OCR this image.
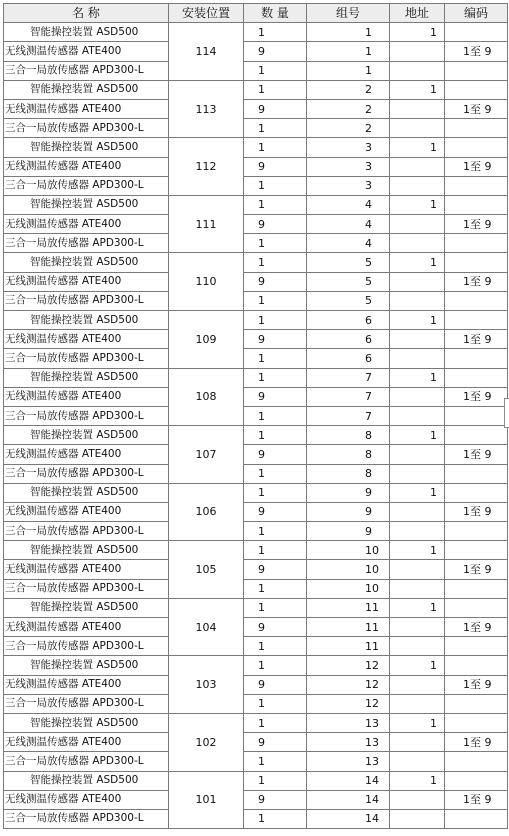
名 称	安装位置	数 量	组号	地址	编码
智能操控装置 ASD500	114	1	1	1	
无线测温传感器 ATE400		9	1		1至 9
三合一局放传感器 APD300-L		1	1		
智能操控装置 ASD500	113	1	2	1	
无线测温传感器 ATE400		9	2		1至 9
三合一局放传感器 APD300-L		1	2		
智能操控装置 ASD500	112	1	3	1	
无线测温传感器 ATE400		9	3		1至 9
三合一局放传感器 APD300-L		1	3		
智能操控装置 ASD500	111	1	4	1	
无线测温传感器 ATE400		9	4		1至 9
三合一局放传感器 APD300-L		1	4		
智能操控装置 ASD500	110	1	5	1	
无线测温传感器 ATE400		9	5		1至 9
三合一局放传感器 APD300-L		1	5		
智能操控装置 ASD500	109	1	6	1	
无线测温传感器 ATE400		9	6		1至 9
三合一局放传感器 APD300-L		1	6		
智能操控装置 ASD500	108	1	7	1	
无线测温传感器 ATE400		9	7		1至 9
三合一局放传感器 APD300-L		1	7		
智能操控装置 ASD500	107	1	8	1	
无线测温传感器 ATE400		9	8		1至 9
三合一局放传感器 APD300-L		1	8		
智能操控装置 ASD500	106	1	9	1	
无线测温传感器 ATE400		9	9		1至 9
三合一局放传感器 APD300-L		1	9		
智能操控装置 ASD500	105	1	10	1	
无线测温传感器 ATE400		9	10		1至 9
三合一局放传感器 APD300-L		1	10		
智能操控装置 ASD500	104	1	11	1	
无线测温传感器 ATE400		9	11		1至 9
三合一局放传感器 APD300-L		1	11		
智能操控装置 ASD500	103	1	12	1	
无线测温传感器 ATE400		9	12		1至 9
三合一局放传感器 APD300-L		1	12		
智能操控装置 ASD500	102	1	13	1	
无线测温传感器 ATE400		9	13		1至 9
三合一局放传感器 APD300-L		1	13		
智能操控装置 ASD500	101	1	14	1	
无线测温传感器 ATE400		9	14		1至 9
三合一局放传感器 APD300-L		1	14		
